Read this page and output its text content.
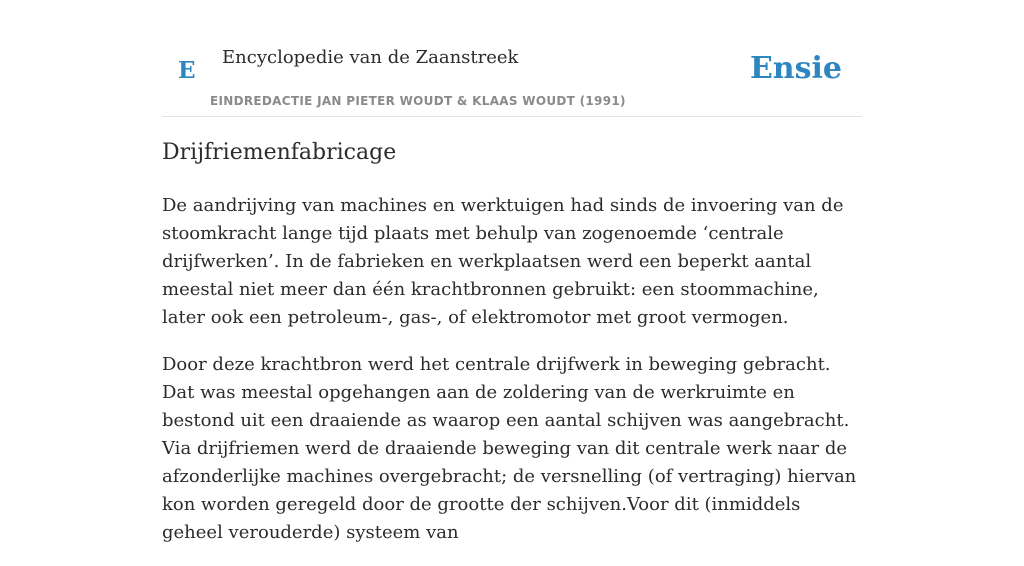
E Encyclopedie van de Zaanstreek
EINDREDACTIE JAN PIETER WOUDT & KLAAS WOUDT (1991)
Ensie
Drijfriemenfabricage

De aandrijving van machines en werktuigen had sinds de invoering van de stoomkracht lange tijd plaats met behulp van zogenoemde ‘centrale drijfwerken’. In de fabrieken en werkplaatsen werd een beperkt aantal meestal niet meer dan één krachtbronnen gebruikt: een stoommachine, later ook een petroleum-, gas-, of elektromotor met groot vermogen.

Door deze krachtbron werd het centrale drijfwerk in beweging gebracht. Dat was meestal opgehangen aan de zoldering van de werkruimte en bestond uit een draaiende as waarop een aantal schijven was aangebracht. Via drijfriemen werd de draaiende beweging van dit centrale werk naar de afzonderlijke machines overgebracht; de versnelling (of vertraging) hiervan kon worden geregeld door de grootte der schijven.Voor dit (inmiddels geheel verouderde) systeem van
